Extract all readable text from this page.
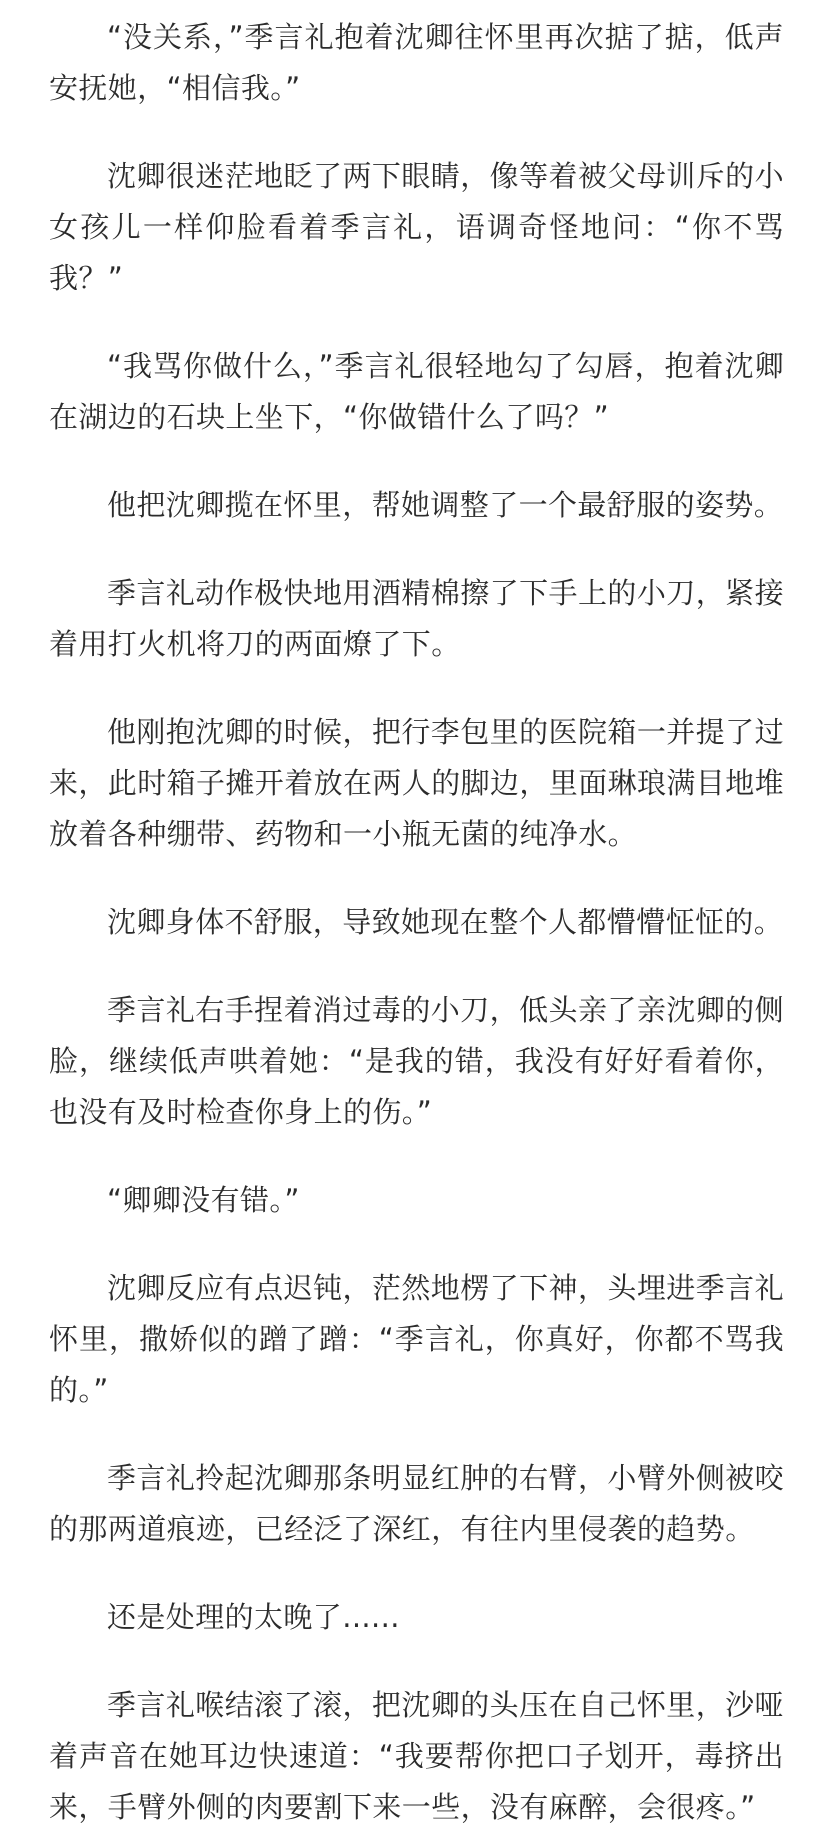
“没关系，”季言礼抱着沈卿往怀里再次掂了掂，低声安抚她，“相信我。”

沈卿很迷茫地眨了两下眼睛，像等着被父母训斥的小女孩儿一样仰脸看着季言礼，语调奇怪地问：“你不骂我？”

“我骂你做什么，”季言礼很轻地勾了勾唇，抱着沈卿在湖边的石块上坐下，“你做错什么了吗？”

他把沈卿揽在怀里，帮她调整了一个最舒服的姿势。

季言礼动作极快地用酒精棉擦了下手上的小刀，紧接着用打火机将刀的两面燎了下。

他刚抱沈卿的时候，把行李包里的医院箱一并提了过来，此时箱子摊开着放在两人的脚边，里面琳琅满目地堆放着各种绷带、药物和一小瓶无菌的纯净水。

沈卿身体不舒服，导致她现在整个人都懵懵怔怔的。

季言礼右手捏着消过毒的小刀，低头亲了亲沈卿的侧脸，继续低声哄着她：“是我的错，我没有好好看着你，也没有及时检查你身上的伤。”

“卿卿没有错。”

沈卿反应有点迟钝，茫然地楞了下神，头埋进季言礼怀里，撒娇似的蹭了蹭：“季言礼，你真好，你都不骂我的。”

季言礼拎起沈卿那条明显红肿的右臂，小臂外侧被咬的那两道痕迹，已经泛了深红，有往内里侵袭的趋势。

还是处理的太晚了......

季言礼喉结滚了滚，把沈卿的头压在自己怀里，沙哑着声音在她耳边快速道：“我要帮你把口子划开，毒挤出来，手臂外侧的肉要割下来一些，没有麻醉，会很疼。”
